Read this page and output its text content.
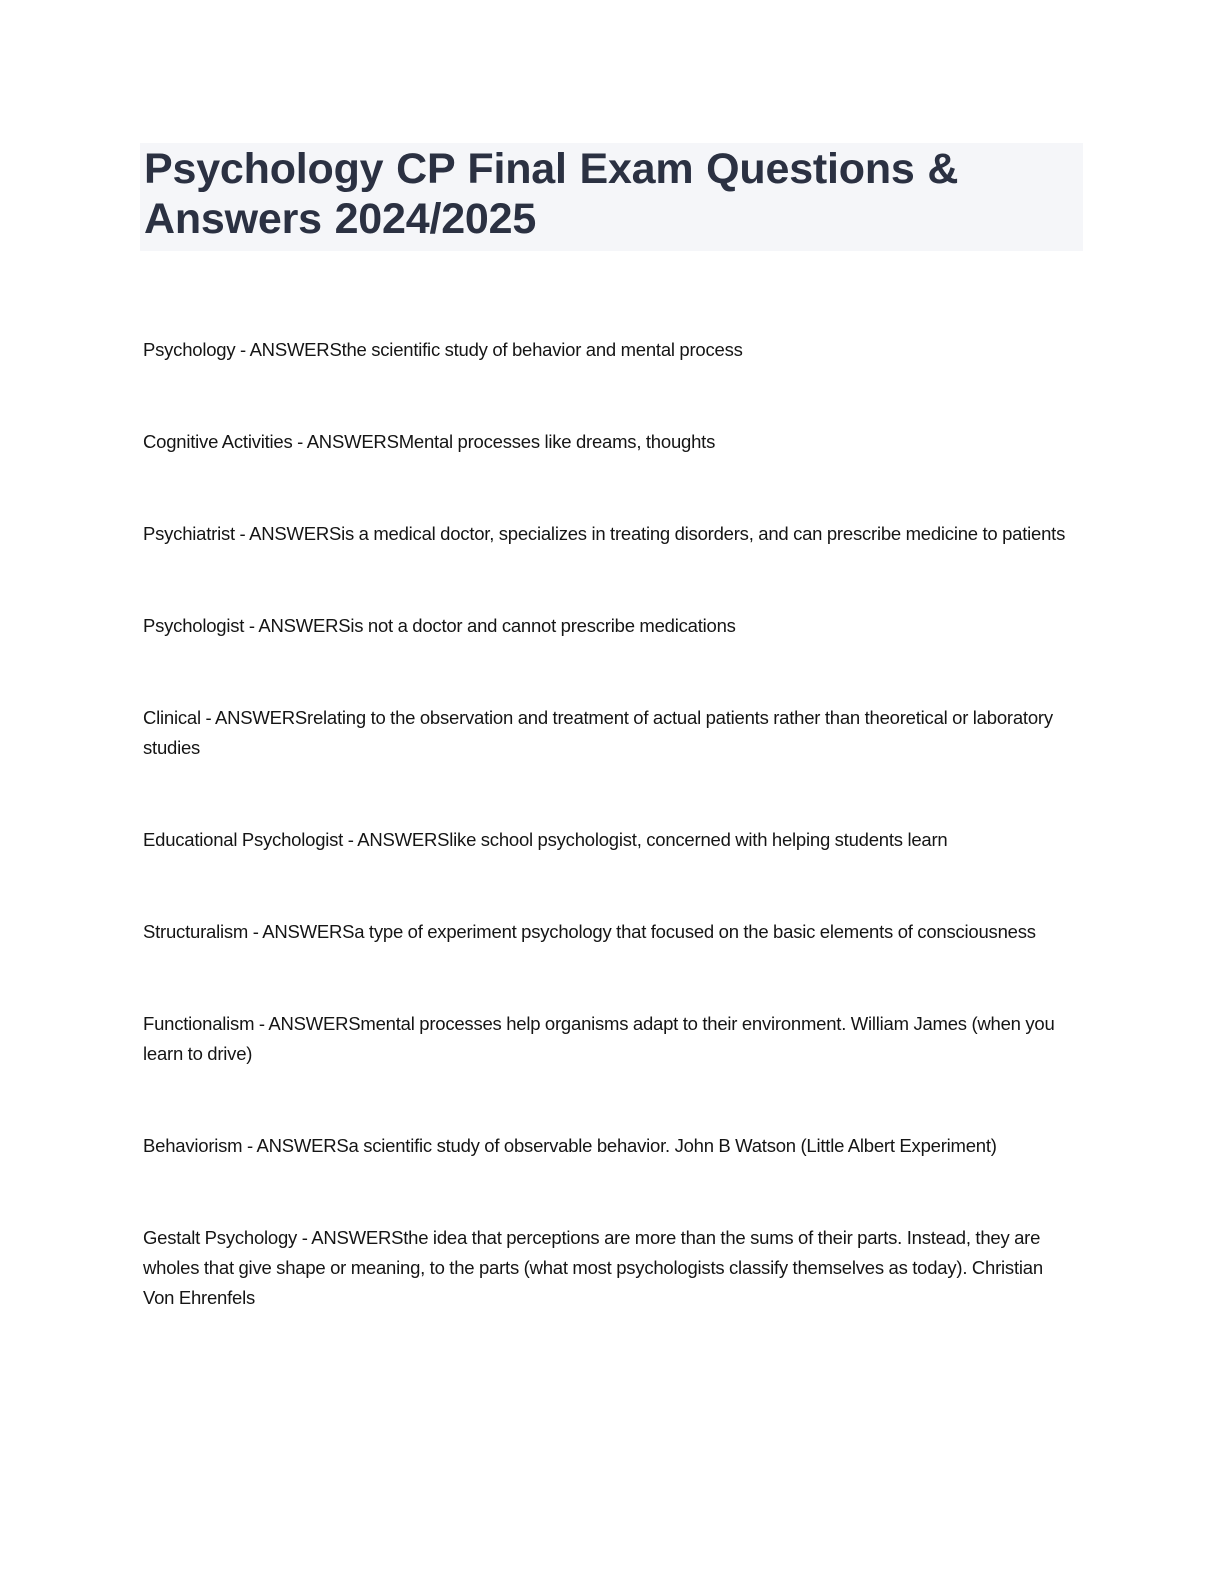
Psychology CP Final Exam Questions & Answers 2024/2025

Psychology - ANSWERSthe scientific study of behavior and mental process

Cognitive Activities - ANSWERSMental processes like dreams, thoughts

Psychiatrist - ANSWERSis a medical doctor, specializes in treating disorders, and can prescribe medicine to patients

Psychologist - ANSWERSis not a doctor and cannot prescribe medications

Clinical - ANSWERSrelating to the observation and treatment of actual patients rather than theoretical or laboratory studies

Educational Psychologist - ANSWERSlike school psychologist, concerned with helping students learn

Structuralism - ANSWERSa type of experiment psychology that focused on the basic elements of consciousness

Functionalism - ANSWERSmental processes help organisms adapt to their environment. William James (when you learn to drive)

Behaviorism - ANSWERSa scientific study of observable behavior. John B Watson (Little Albert Experiment)

Gestalt Psychology - ANSWERSthe idea that perceptions are more than the sums of their parts. Instead, they are wholes that give shape or meaning, to the parts (what most psychologists classify themselves as today). Christian Von Ehrenfels
